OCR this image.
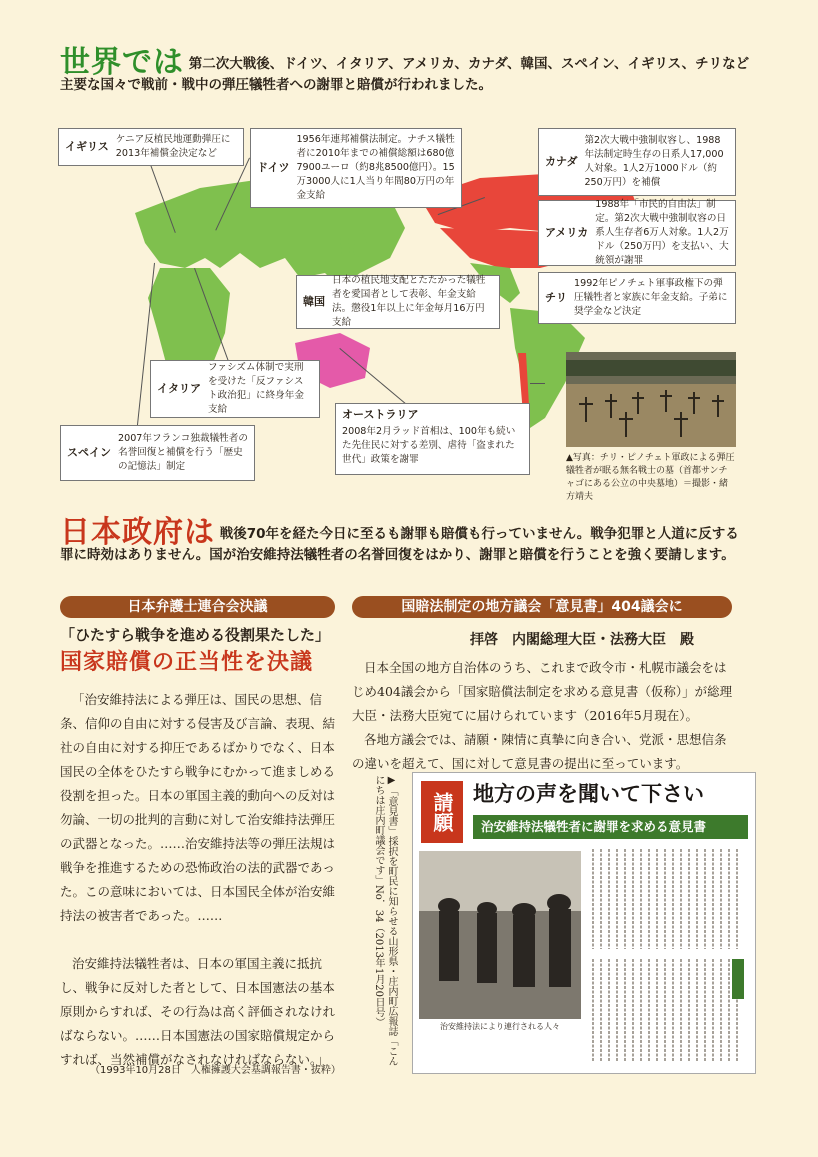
世界では 第二次大戦後、ドイツ、イタリア、アメリカ、カナダ、韓国、スペイン、イギリス、チリなど主要な国々で戦前・戦中の弾圧犠牲者への謝罪と賠償が行われました。
イギリス
ケニア反植民地運動弾圧に2013年補償金決定など
ドイツ
1956年連邦補償法制定。ナチス犠牲者に2010年までの補償総額は680億7900ユーロ（約8兆8500億円）。15万3000人に1人当り年間80万円の年金支給
カナダ
第2次大戦中強制収容し、1988年法制定時生存の日系人17,000人対象。1人2万1000ドル（約250万円）を補償
アメリカ
1988年「市民的自由法」制定。第2次大戦中強制収容の日系人生存者6万人対象。1人2万ドル（250万円）を支払い、大統領が謝罪
韓国
日本の植民地支配とたたかった犠牲者を愛国者として表彰、年金支給法。懲役1年以上に年金毎月16万円支給
チリ
1992年ピノチェト軍事政権下の弾圧犠牲者と家族に年金支給。子弟に奨学金など決定
イタリア
ファシズム体制で実刑を受けた「反ファシスト政治犯」に終身年金支給	オーストラリア
2008年2月ラッド首相は、100年も続いた先住民に対する差別、虐待「盗まれた世代」政策を謝罪
スペイン
2007年フランコ独裁犠牲者の名誉回復と補償を行う「歴史の記憶法」制定
▲写真：チリ・ピノチェト軍政による弾圧犠牲者が眠る無名戦士の墓（首都サンチャゴにある公立の中央墓地）＝撮影・緒方靖夫
日本政府は 戦後70年を経た今日に至るも謝罪も賠償も行っていません。戦争犯罪と人道に反する罪に時効はありません。国が治安維持法犠牲者の名誉回復をはかり、謝罪と賠償を行うことを強く要請します。
日本弁護士連合会決議
「ひたすら戦争を進める役割果たした」
国家賠償の正当性を決議
「治安維持法による弾圧は、国民の思想、信条、信仰の自由に対する侵害及び言論、表現、結社の自由に対する抑圧であるばかりでなく、日本国民の全体をひたすら戦争にむかって進ましめる役割を担った。日本の軍国主義的動向への反対は勿論、一切の批判的言動に対して治安維持法弾圧の武器となった。……治安維持法等の弾圧法規は戦争を推進するための恐怖政治の法的武器であった。この意味においては、日本国民全体が治安維持法の被害者であった。……
治安維持法犠牲者は、日本の軍国主義に抵抗し、戦争に反対した者として、日本国憲法の基本原則からすれば、その行為は高く評価されなければならない。……日本国憲法の国家賠償規定からすれば、当然補償がなされなければならない。」
（1993年10月28日　人権擁護大会基調報告書・抜粋）
国賠法制定の地方議会「意見書」404議会に
拝啓　内閣総理大臣・法務大臣　殿
日本全国の地方自治体のうち、これまで政令市・札幌市議会をはじめ404議会から「国家賠償法制定を求める意見書（仮称）」が総理大臣・法務大臣宛てに届けられています（2016年5月現在）。
各地方議会では、請願・陳情に真摯に向き合い、党派・思想信条の違いを超えて、国に対して意見書の提出に至っています。
▶「意見書」採択を町民に知らせる山形県・庄内町広報誌「こんにちは庄内町議会です」No．34（2013年1月20日号）	請願 地方の声を聞いて下さい
治安維持法犠牲者に謝罪を求める意見書
治安維持法により連行される人々
